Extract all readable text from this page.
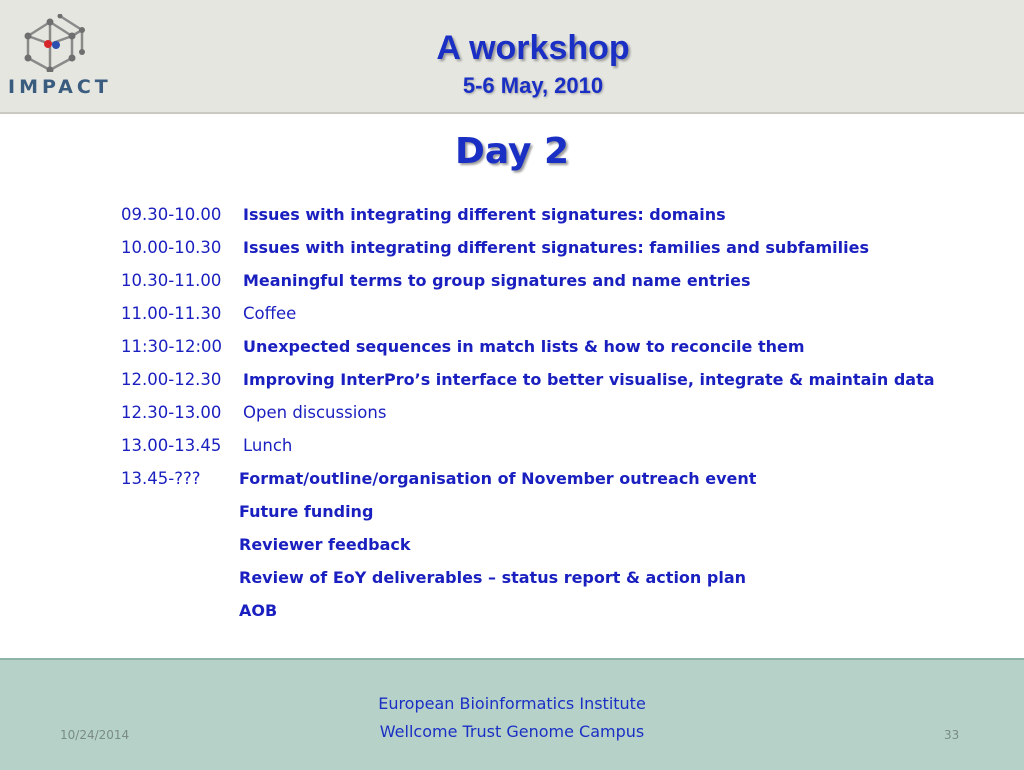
IMPACT
A workshop
5-6 May, 2010
Day 2
09.30-10.00 Issues with integrating different signatures: domains
10.00-10.30 Issues with integrating different signatures: families and subfamilies
10.30-11.00 Meaningful terms to group signatures and name entries
11.00-11.30 Coffee
11:30-12:00 Unexpected sequences in match lists & how to reconcile them
12.00-12.30 Improving InterPro’s interface to better visualise, integrate & maintain data
12.30-13.00 Open discussions
13.00-13.45 Lunch
13.45-??? Format/outline/organisation of November outreach event
Future funding
Reviewer feedback
Review of EoY deliverables – status report & action plan
AOB
European Bioinformatics Institute
Wellcome Trust Genome Campus
10/24/2014	33
